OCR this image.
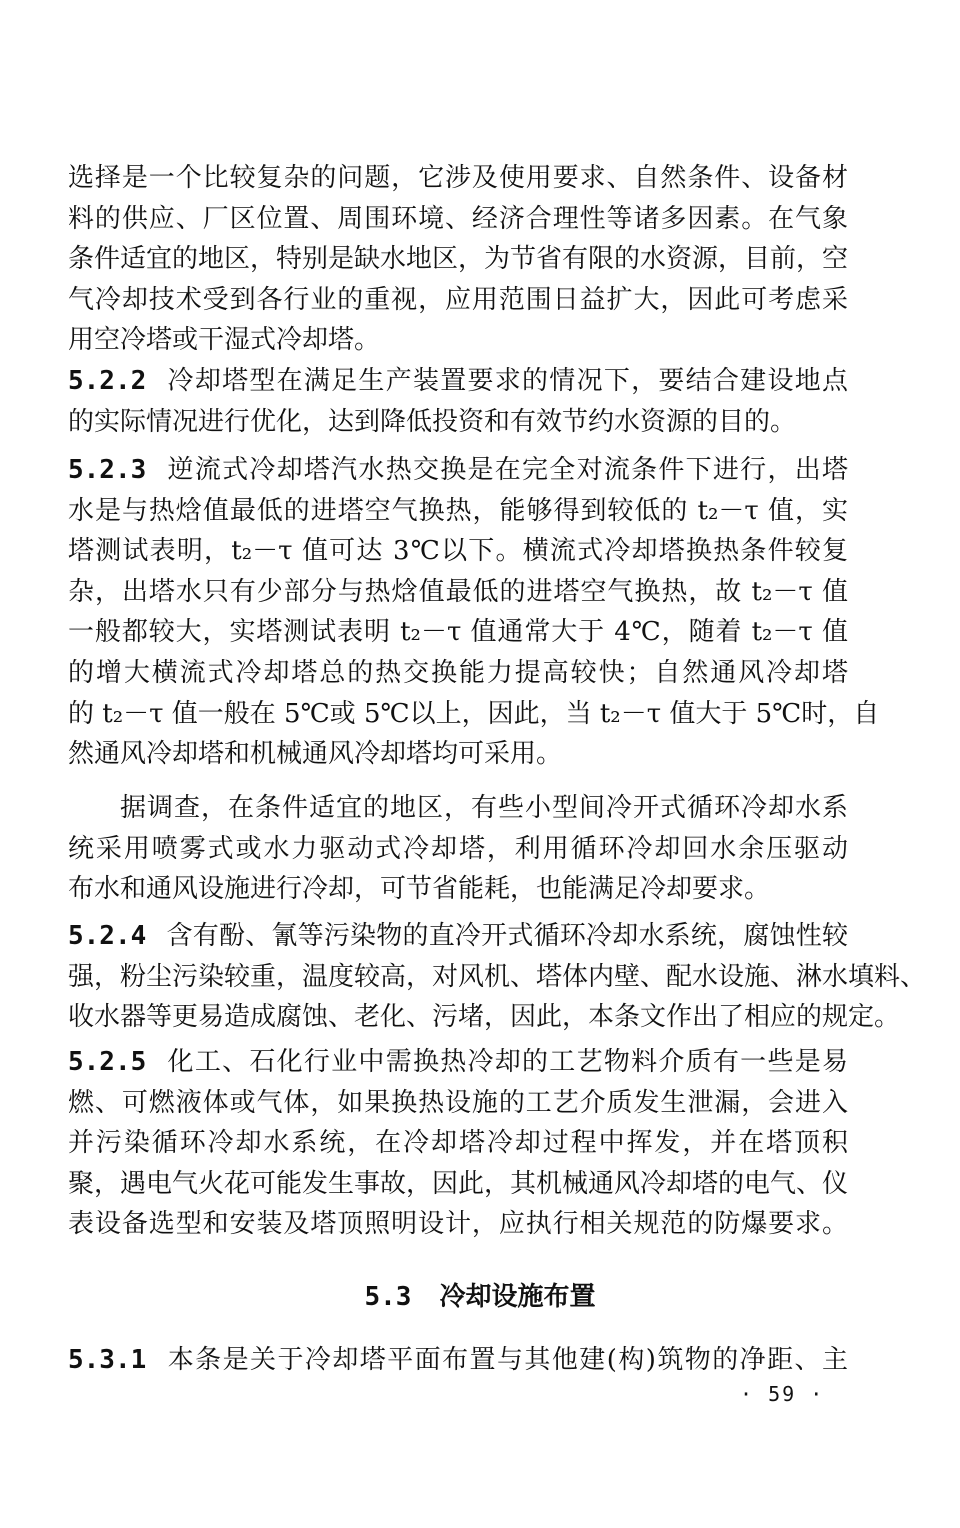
选择是一个比较复杂的问题，它涉及使用要求、自然条件、设备材
料的供应、厂区位置、周围环境、经济合理性等诸多因素。在气象
条件适宜的地区，特别是缺水地区，为节省有限的水资源，目前，空
气冷却技术受到各行业的重视，应用范围日益扩大，因此可考虑采
用空冷塔或干湿式冷却塔。
5.2.2 冷却塔型在满足生产装置要求的情况下，要结合建设地点
的实际情况进行优化，达到降低投资和有效节约水资源的目的。
5.2.3 逆流式冷却塔汽水热交换是在完全对流条件下进行，出塔
水是与热焓值最低的进塔空气换热，能够得到较低的 t₂－τ 值，实
塔测试表明，t₂－τ 值可达 3℃以下。横流式冷却塔换热条件较复
杂，出塔水只有少部分与热焓值最低的进塔空气换热，故 t₂－τ 值
一般都较大，实塔测试表明 t₂－τ 值通常大于 4℃，随着 t₂－τ 值
的增大横流式冷却塔总的热交换能力提高较快；自然通风冷却塔
的 t₂－τ 值一般在 5℃或 5℃以上，因此，当 t₂－τ 值大于 5℃时，自
然通风冷却塔和机械通风冷却塔均可采用。
据调查，在条件适宜的地区，有些小型间冷开式循环冷却水系
统采用喷雾式或水力驱动式冷却塔，利用循环冷却回水余压驱动
布水和通风设施进行冷却，可节省能耗，也能满足冷却要求。
5.2.4 含有酚、氰等污染物的直冷开式循环冷却水系统，腐蚀性较
强，粉尘污染较重，温度较高，对风机、塔体内壁、配水设施、淋水填料、
收水器等更易造成腐蚀、老化、污堵，因此，本条文作出了相应的规定。
5.2.5 化工、石化行业中需换热冷却的工艺物料介质有一些是易
燃、可燃液体或气体，如果换热设施的工艺介质发生泄漏，会进入
并污染循环冷却水系统，在冷却塔冷却过程中挥发，并在塔顶积
聚，遇电气火花可能发生事故，因此，其机械通风冷却塔的电气、仪
表设备选型和安装及塔顶照明设计，应执行相关规范的防爆要求。
5.3 冷却设施布置
5.3.1 本条是关于冷却塔平面布置与其他建(构)筑物的净距、主
· 59 ·
